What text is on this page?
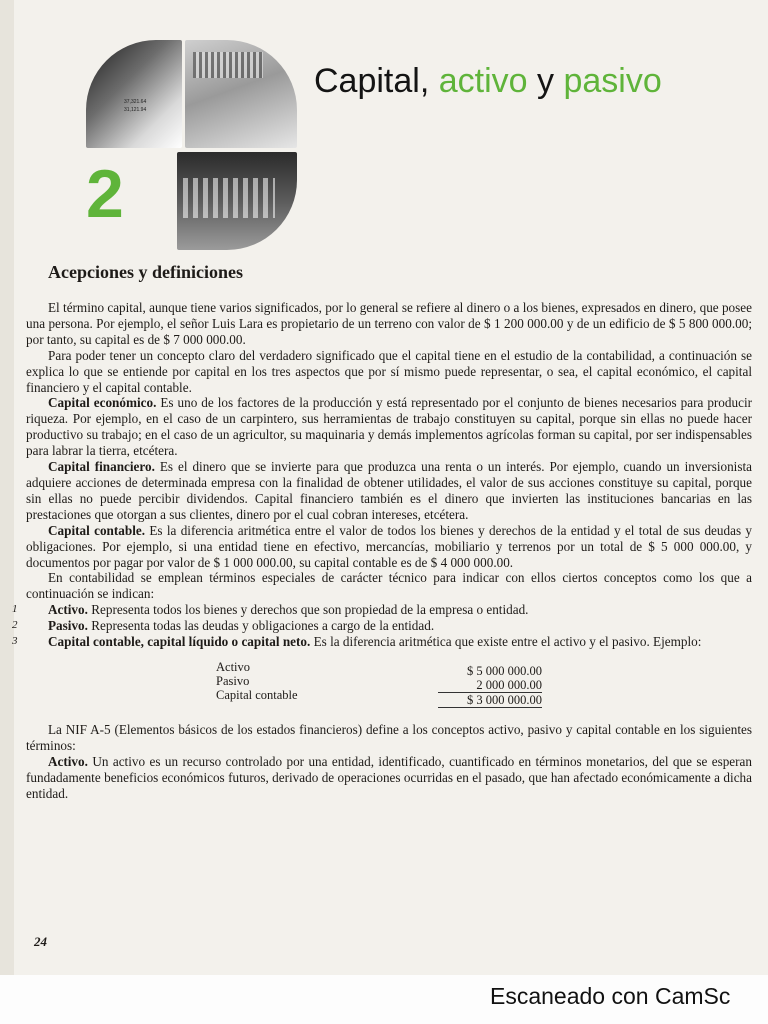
37,321.64
31,121.94
2
Capital, activo y pasivo
Acepciones y definiciones

El término capital, aunque tiene varios significados, por lo general se refiere al dinero o a los bienes, expresados en dinero, que posee una persona. Por ejemplo, el señor Luis Lara es propietario de un terreno con valor de $ 1 200 000.00 y de un edificio de $ 5 800 000.00; por tanto, su capital es de $ 7 000 000.00.

Para poder tener un concepto claro del verdadero significado que el capital tiene en el estudio de la contabilidad, a continuación se explica lo que se entiende por capital en los tres aspectos que por sí mismo puede representar, o sea, el capital económico, el capital financiero y el capital contable.

Capital económico. Es uno de los factores de la producción y está representado por el conjunto de bienes necesarios para producir riqueza. Por ejemplo, en el caso de un carpintero, sus herramientas de trabajo constituyen su capital, porque sin ellas no puede hacer productivo su trabajo; en el caso de un agricultor, su maquinaria y demás implementos agrícolas forman su capital, por ser indispensables para labrar la tierra, etcétera.

Capital financiero. Es el dinero que se invierte para que produzca una renta o un interés. Por ejemplo, cuando un inversionista adquiere acciones de determinada empresa con la finalidad de obtener utilidades, el valor de sus acciones constituye su capital, porque sin ellas no puede percibir dividendos. Capital financiero también es el dinero que invierten las instituciones bancarias en las prestaciones que otorgan a sus clientes, dinero por el cual cobran intereses, etcétera.

Capital contable. Es la diferencia aritmética entre el valor de todos los bienes y derechos de la entidad y el total de sus deudas y obligaciones. Por ejemplo, si una entidad tiene en efectivo, mercancías, mobiliario y terrenos por un total de $ 5 000 000.00, y documentos por pagar por valor de $ 1 000 000.00, su capital contable es de $ 4 000 000.00.

En contabilidad se emplean términos especiales de carácter técnico para indicar con ellos ciertos conceptos como los que a continuación se indican:

1 Activo. Representa todos los bienes y derechos que son propiedad de la empresa o entidad.

2 Pasivo. Representa todas las deudas y obligaciones a cargo de la entidad.

3 Capital contable, capital líquido o capital neto. Es la diferencia aritmética que existe entre el activo y el pasivo. Ejemplo:

Activo
Pasivo
Capital contable
$ 5 000 000.00
2 000 000.00
$ 3 000 000.00

La NIF A-5 (Elementos básicos de los estados financieros) define a los conceptos activo, pasivo y capital contable en los siguientes términos:

Activo. Un activo es un recurso controlado por una entidad, identificado, cuantificado en términos monetarios, del que se esperan fundadamente beneficios económicos futuros, derivado de operaciones ocurridas en el pasado, que han afectado económicamente a dicha entidad.

24
Escaneado con CamSc
